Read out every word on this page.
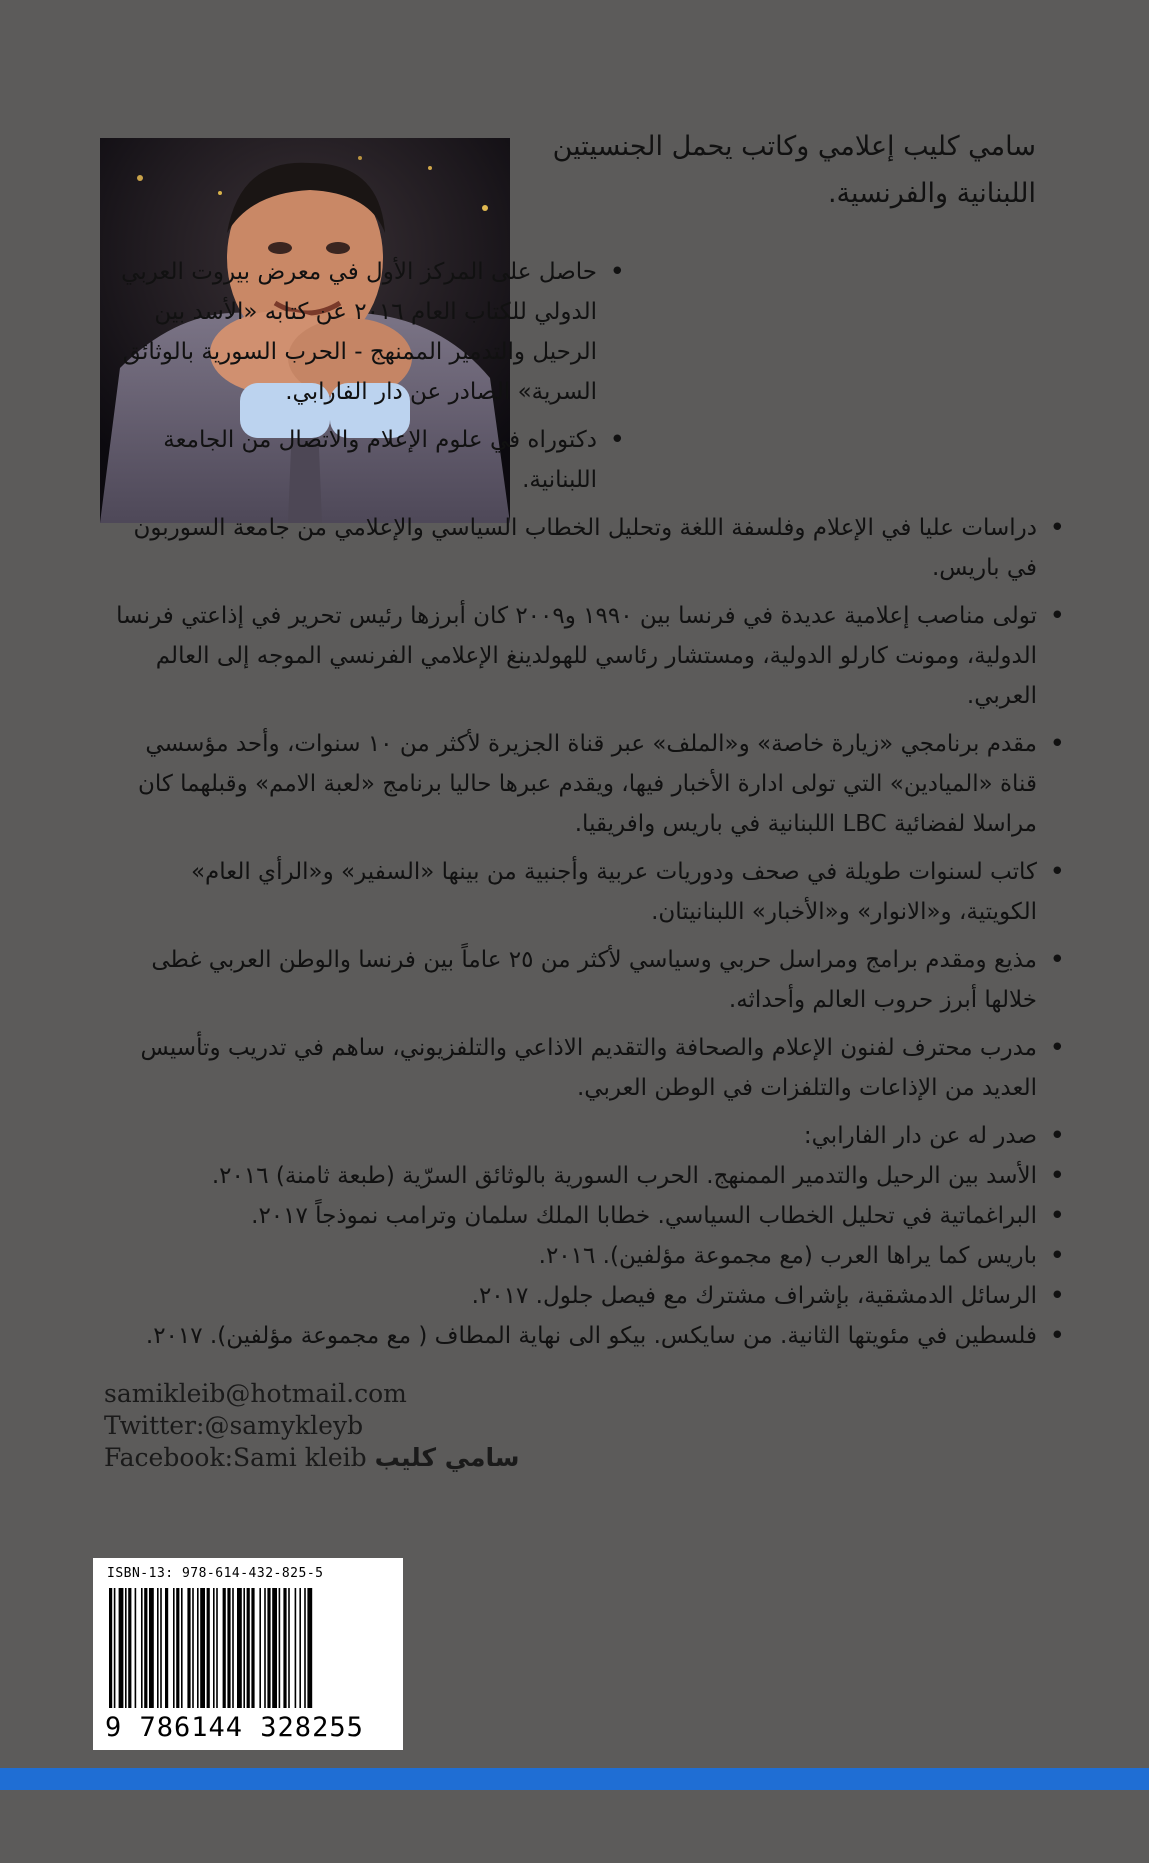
سامي كليب إعلامي وكاتب يحمل الجنسيتين اللبنانية والفرنسية.
• حاصل على المركز الأول في معرض بيروت العربي الدولي للكتاب العام ٢٠١٦ عن كتابه «الأسد بين الرحيل والتدمير الممنهج - الحرب السورية بالوثائق السرية» الصادر عن دار الفارابي.
• دكتوراه في علوم الإعلام والاتصال من الجامعة اللبنانية.
• دراسات عليا في الإعلام وفلسفة اللغة وتحليل الخطاب السياسي والإعلامي من جامعة السوربون في باريس.
• تولى مناصب إعلامية عديدة في فرنسا بين ١٩٩٠ و٢٠٠٩ كان أبرزها رئيس تحرير في إذاعتي فرنسا الدولية، ومونت كارلو الدولية، ومستشار رئاسي للهولدينغ الإعلامي الفرنسي الموجه إلى العالم العربي.
• مقدم برنامجي «زيارة خاصة» و«الملف» عبر قناة الجزيرة لأكثر من ١٠ سنوات، وأحد مؤسسي قناة «الميادين» التي تولى ادارة الأخبار فيها، ويقدم عبرها حاليا برنامج «لعبة الامم» وقبلهما كان مراسلا لفضائية LBC اللبنانية في باريس وافريقيا.
• كاتب لسنوات طويلة في صحف ودوريات عربية وأجنبية من بينها «السفير» و«الرأي العام» الكويتية، و«الانوار» و«الأخبار» اللبنانيتان.
• مذيع ومقدم برامج ومراسل حربي وسياسي لأكثر من ٢٥ عاماً بين فرنسا والوطن العربي غطى خلالها أبرز حروب العالم وأحداثه.
• مدرب محترف لفنون الإعلام والصحافة والتقديم الاذاعي والتلفزيوني، ساهم في تدريب وتأسيس العديد من الإذاعات والتلفزات في الوطن العربي.
• صدر له عن دار الفارابي:
• الأسد بين الرحيل والتدمير الممنهج. الحرب السورية بالوثائق السرّية (طبعة ثامنة) ٢٠١٦.
• البراغماتية في تحليل الخطاب السياسي. خطابا الملك سلمان وترامب نموذجاً ٢٠١٧.
• باريس كما يراها العرب (مع مجموعة مؤلفين). ٢٠١٦.
• الرسائل الدمشقية، بإشراف مشترك مع فيصل جلول. ٢٠١٧.
• فلسطين في مئويتها الثانية. من سايكس. بيكو الى نهاية المطاف ( مع مجموعة مؤلفين). ٢٠١٧.
samikleib@hotmail.com
Twitter:@samykleyb
Facebook:Sami kleib سامي كليب
ISBN-13: 978-614-432-825-5
9 786144 328255
